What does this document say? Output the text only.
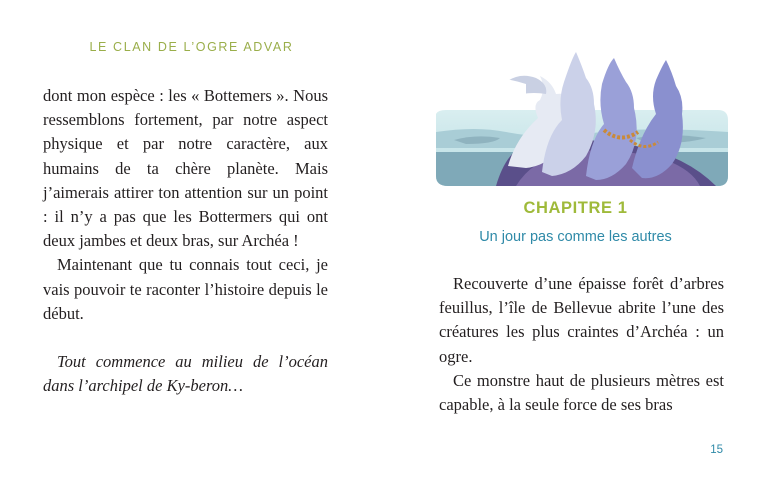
LE CLAN DE L’OGRE ADVAR

dont mon espèce : les « Bottemers ». Nous ressemblons fortement, par notre aspect physique et par notre caractère, aux humains de ta chère planète. Mais j’aimerais attirer ton attention sur un point : il n’y a pas que les Bottermers qui ont deux jambes et deux bras, sur Archéa !

Maintenant que tu connais tout ceci, je vais pouvoir te raconter l’histoire depuis le début.

Tout commence au milieu de l’océan dans l’archipel de Ky-beron…

CHAPITRE 1
Un jour pas comme les autres

Recouverte d’une épaisse forêt d’arbres feuillus, l’île de Bellevue abrite l’une des créatures les plus craintes d’Archéa : un ogre.

Ce monstre haut de plusieurs mètres est capable, à la seule force de ses bras

15
